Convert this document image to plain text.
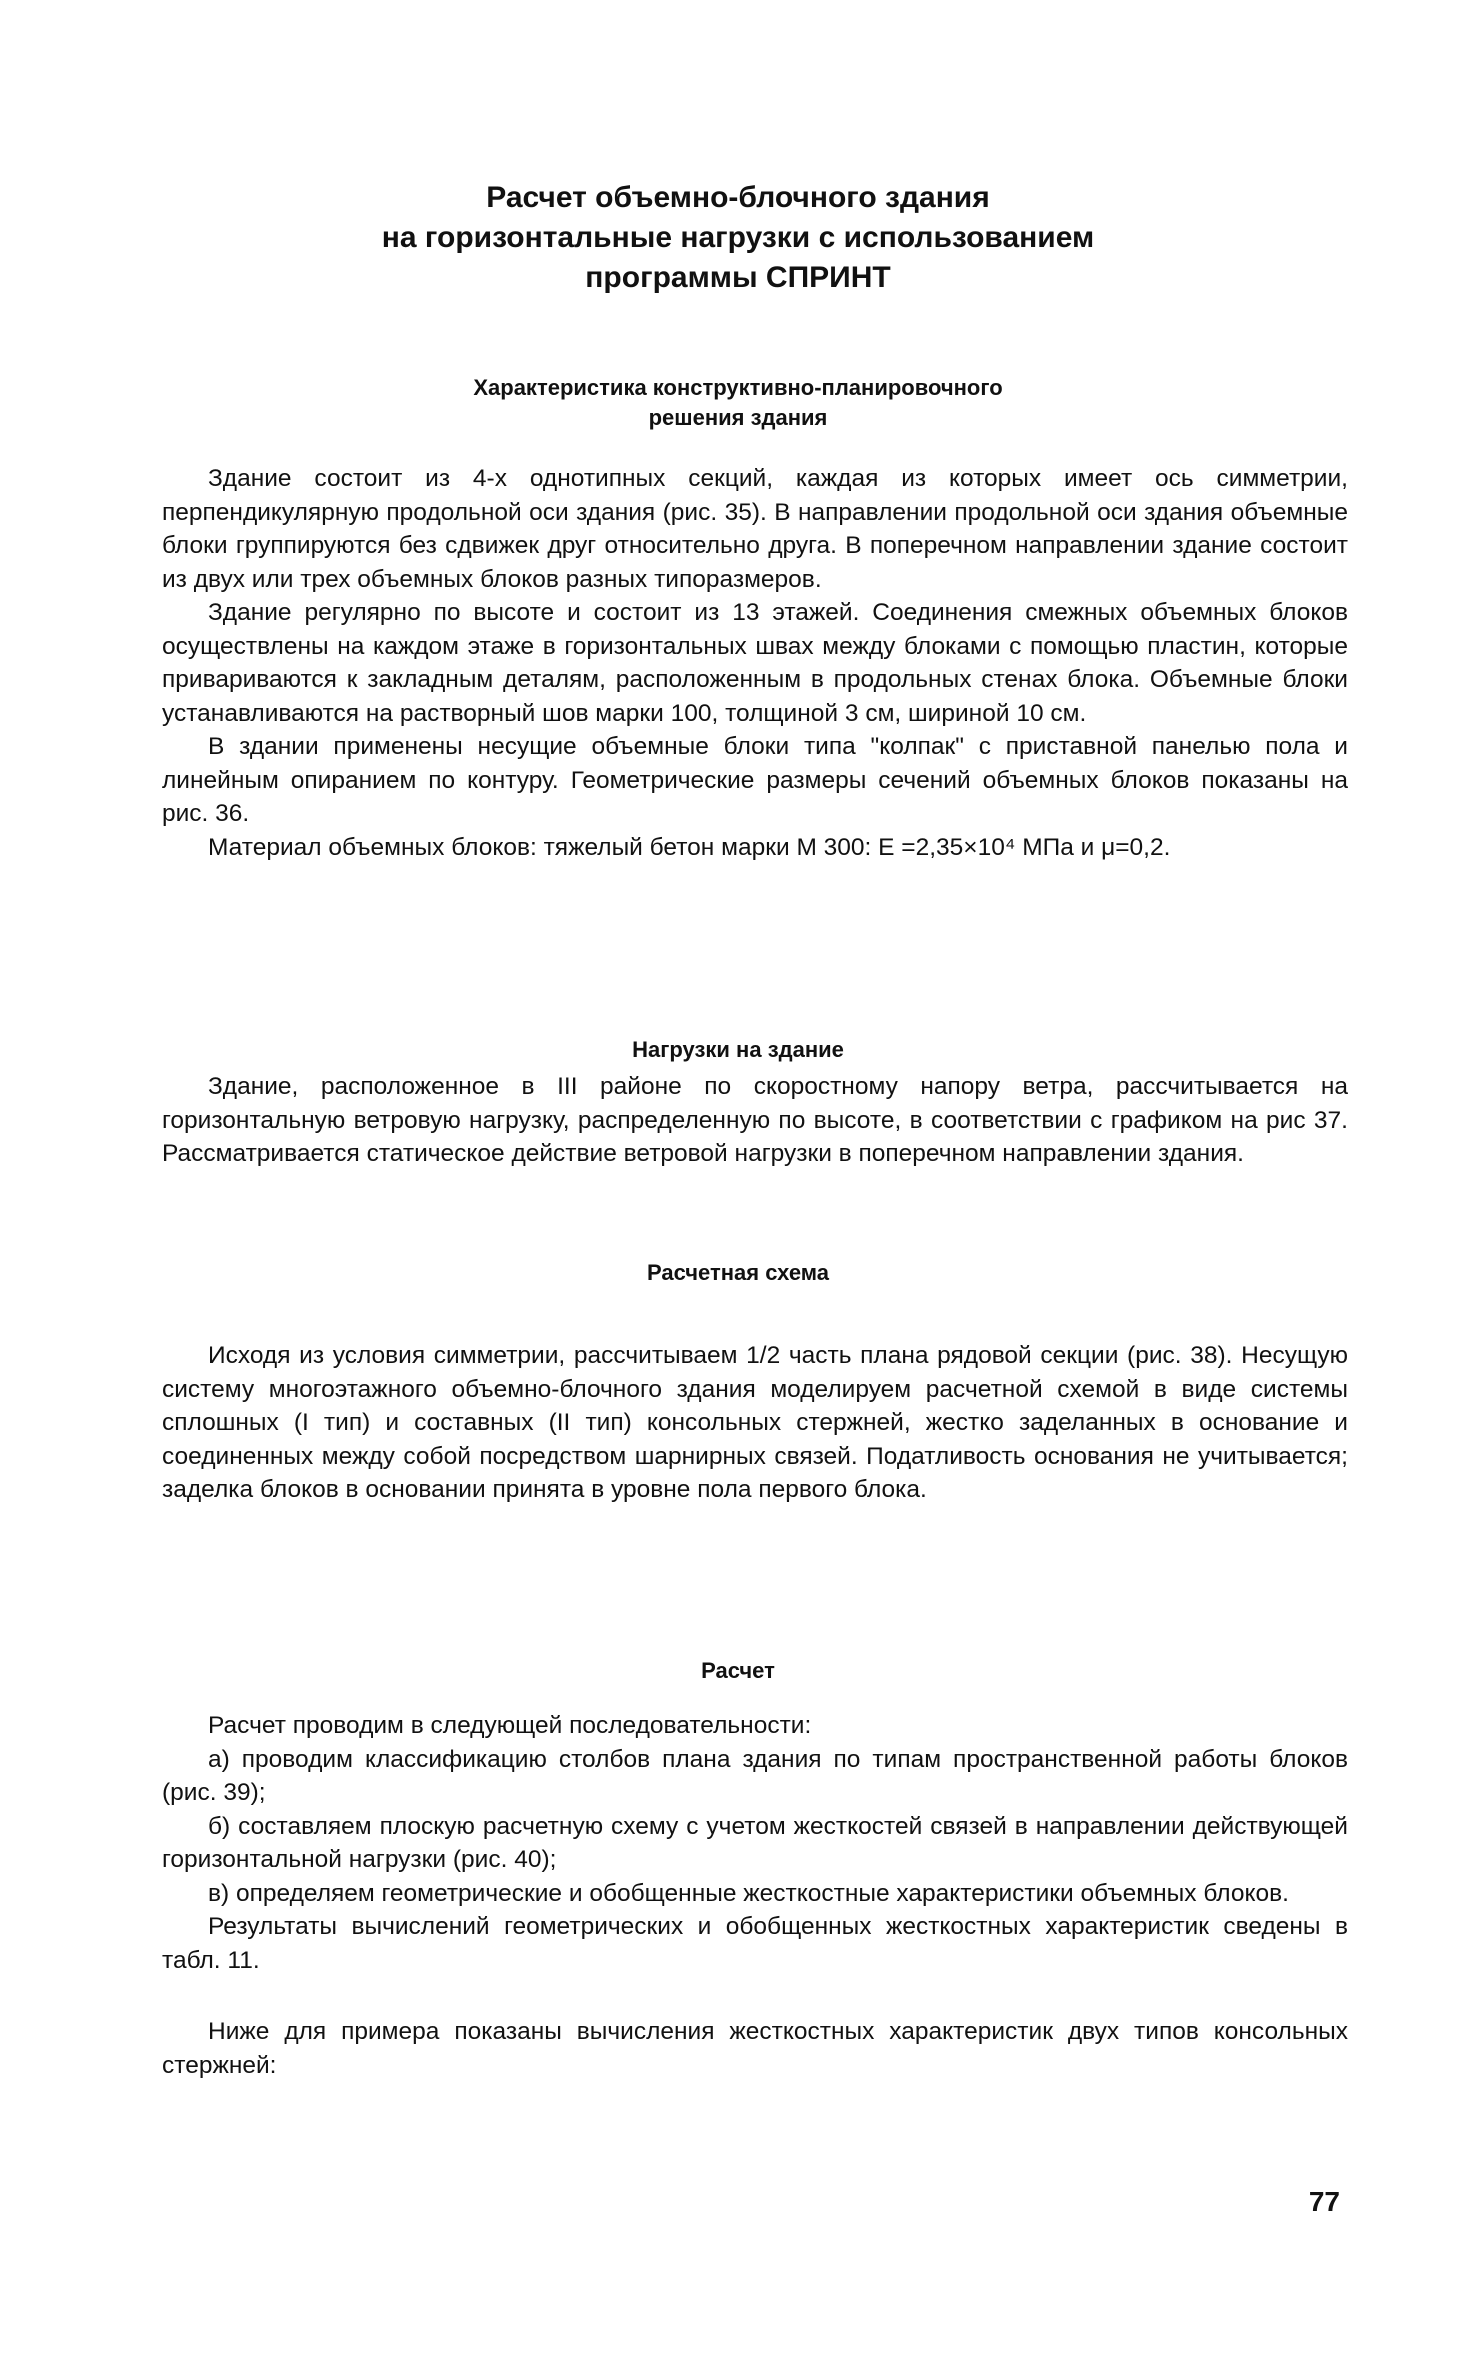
Расчет объемно-блочного здания
на горизонтальные нагрузки с использованием
программы СПРИНТ
Характеристика конструктивно-планировочного
решения здания

Здание состоит из 4-х однотипных секций, каждая из которых имеет ось симметрии, перпендикулярную продольной оси здания (рис. 35). В направлении продольной оси здания объемные блоки группируются без сдвижек друг относительно друга. В поперечном направлении здание состоит из двух или трех объемных блоков разных типоразмеров.

Здание регулярно по высоте и состоит из 13 этажей. Соединения смежных объемных блоков осуществлены на каждом этаже в горизонтальных швах между блоками с помощью пластин, которые привариваются к закладным деталям, расположенным в продольных стенах блока. Объемные блоки устанавливаются на растворный шов марки 100, толщиной 3 см, шириной 10 см.

В здании применены несущие объемные блоки типа "колпак" с приставной панелью пола и линейным опиранием по контуру. Геометрические размеры сечений объемных блоков показаны на рис. 36.

Материал объемных блоков: тяжелый бетон марки М 300: E =2,35×10⁴ МПа и μ=0,2.

Нагрузки на здание

Здание, расположенное в III районе по скоростному напору ветра, рассчитывается на горизонтальную ветровую нагрузку, распределенную по высоте, в соответствии с графиком на рис 37. Рассматривается статическое действие ветровой нагрузки в поперечном направлении здания.

Расчетная схема

Исходя из условия симметрии, рассчитываем 1/2 часть плана рядовой секции (рис. 38). Несущую систему многоэтажного объемно-блочного здания моделируем расчетной схемой в виде системы сплошных (I тип) и составных (II тип) консольных стержней, жестко заделанных в основание и соединенных между собой посредством шарнирных связей. Податливость основания не учитывается; заделка блоков в основании принята в уровне пола первого блока.

Расчет

Расчет проводим в следующей последовательности:

а) проводим классификацию столбов плана здания по типам пространственной работы блоков (рис. 39);

б) составляем плоскую расчетную схему с учетом жесткостей связей в направлении действующей горизонтальной нагрузки (рис. 40);

в) определяем геометрические и обобщенные жесткостные характеристики объемных блоков.

Результаты вычислений геометрических и обобщенных жесткостных характеристик сведены в табл. 11.

Ниже для примера показаны вычисления жесткостных характеристик двух типов консольных стержней:

77
